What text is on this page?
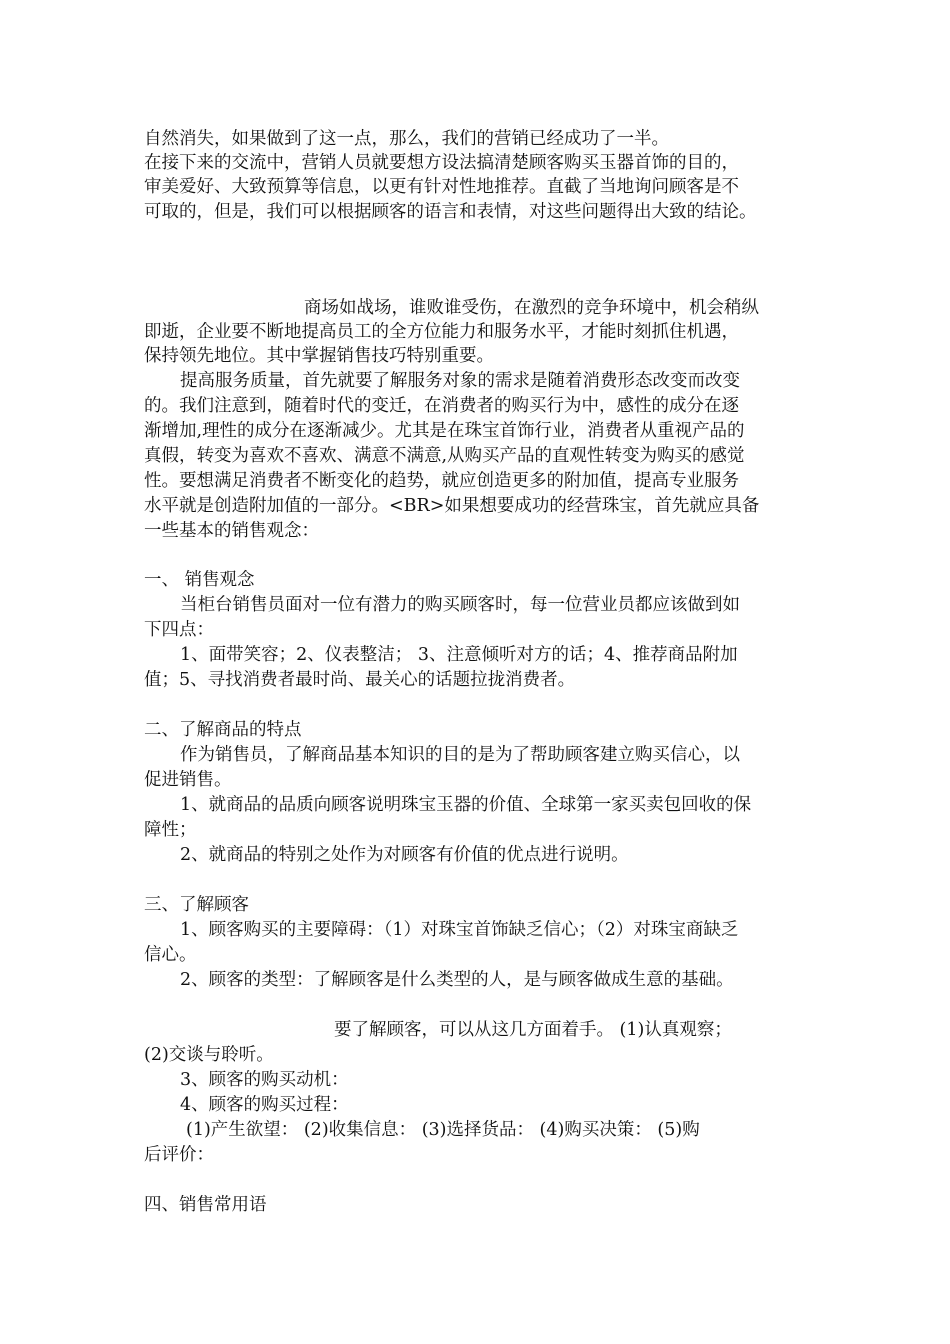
自然消失，如果做到了这一点，那么，我们的营销已经成功了一半。
在接下来的交流中，营销人员就要想方设法搞清楚顾客购买玉器首饰的目的，
审美爱好、大致预算等信息，以更有针对性地推荐。直截了当地询问顾客是不
可取的，但是，我们可以根据顾客的语言和表情，对这些问题得出大致的结论。
商场如战场，谁败谁受伤，在激烈的竞争环境中，机会稍纵
即逝，企业要不断地提高员工的全方位能力和服务水平，才能时刻抓住机遇，
保持领先地位。其中掌握销售技巧特别重要。
提高服务质量，首先就要了解服务对象的需求是随着消费形态改变而改变
的。我们注意到，随着时代的变迁，在消费者的购买行为中，感性的成分在逐
渐增加,理性的成分在逐渐减少。尤其是在珠宝首饰行业，消费者从重视产品的
真假，转变为喜欢不喜欢、满意不满意,从购买产品的直观性转变为购买的感觉
性。要想满足消费者不断变化的趋势，就应创造更多的附加值，提高专业服务
水平就是创造附加值的一部分。<BR>如果想要成功的经营珠宝，首先就应具备
一些基本的销售观念：
一、 销售观念
当柜台销售员面对一位有潜力的购买顾客时，每一位营业员都应该做到如
下四点：
1、面带笑容；2、仪表整洁； 3、注意倾听对方的话；4、推荐商品附加
值；5、寻找消费者最时尚、最关心的话题拉拢消费者。
二、了解商品的特点
作为销售员，了解商品基本知识的目的是为了帮助顾客建立购买信心，以
促进销售。
1、就商品的品质向顾客说明珠宝玉器的价值、全球第一家买卖包回收的保
障性；
2、就商品的特别之处作为对顾客有价值的优点进行说明。
三、了解顾客
1、顾客购买的主要障碍：（1）对珠宝首饰缺乏信心；（2）对珠宝商缺乏
信心。
2、顾客的类型：了解顾客是什么类型的人，是与顾客做成生意的基础。
要了解顾客，可以从这几方面着手。 (1)认真观察；
(2)交谈与聆听。
3、顾客的购买动机：
4、顾客的购买过程：
(1)产生欲望： (2)收集信息： (3)选择货品： (4)购买决策： (5)购
后评价：
四、销售常用语
